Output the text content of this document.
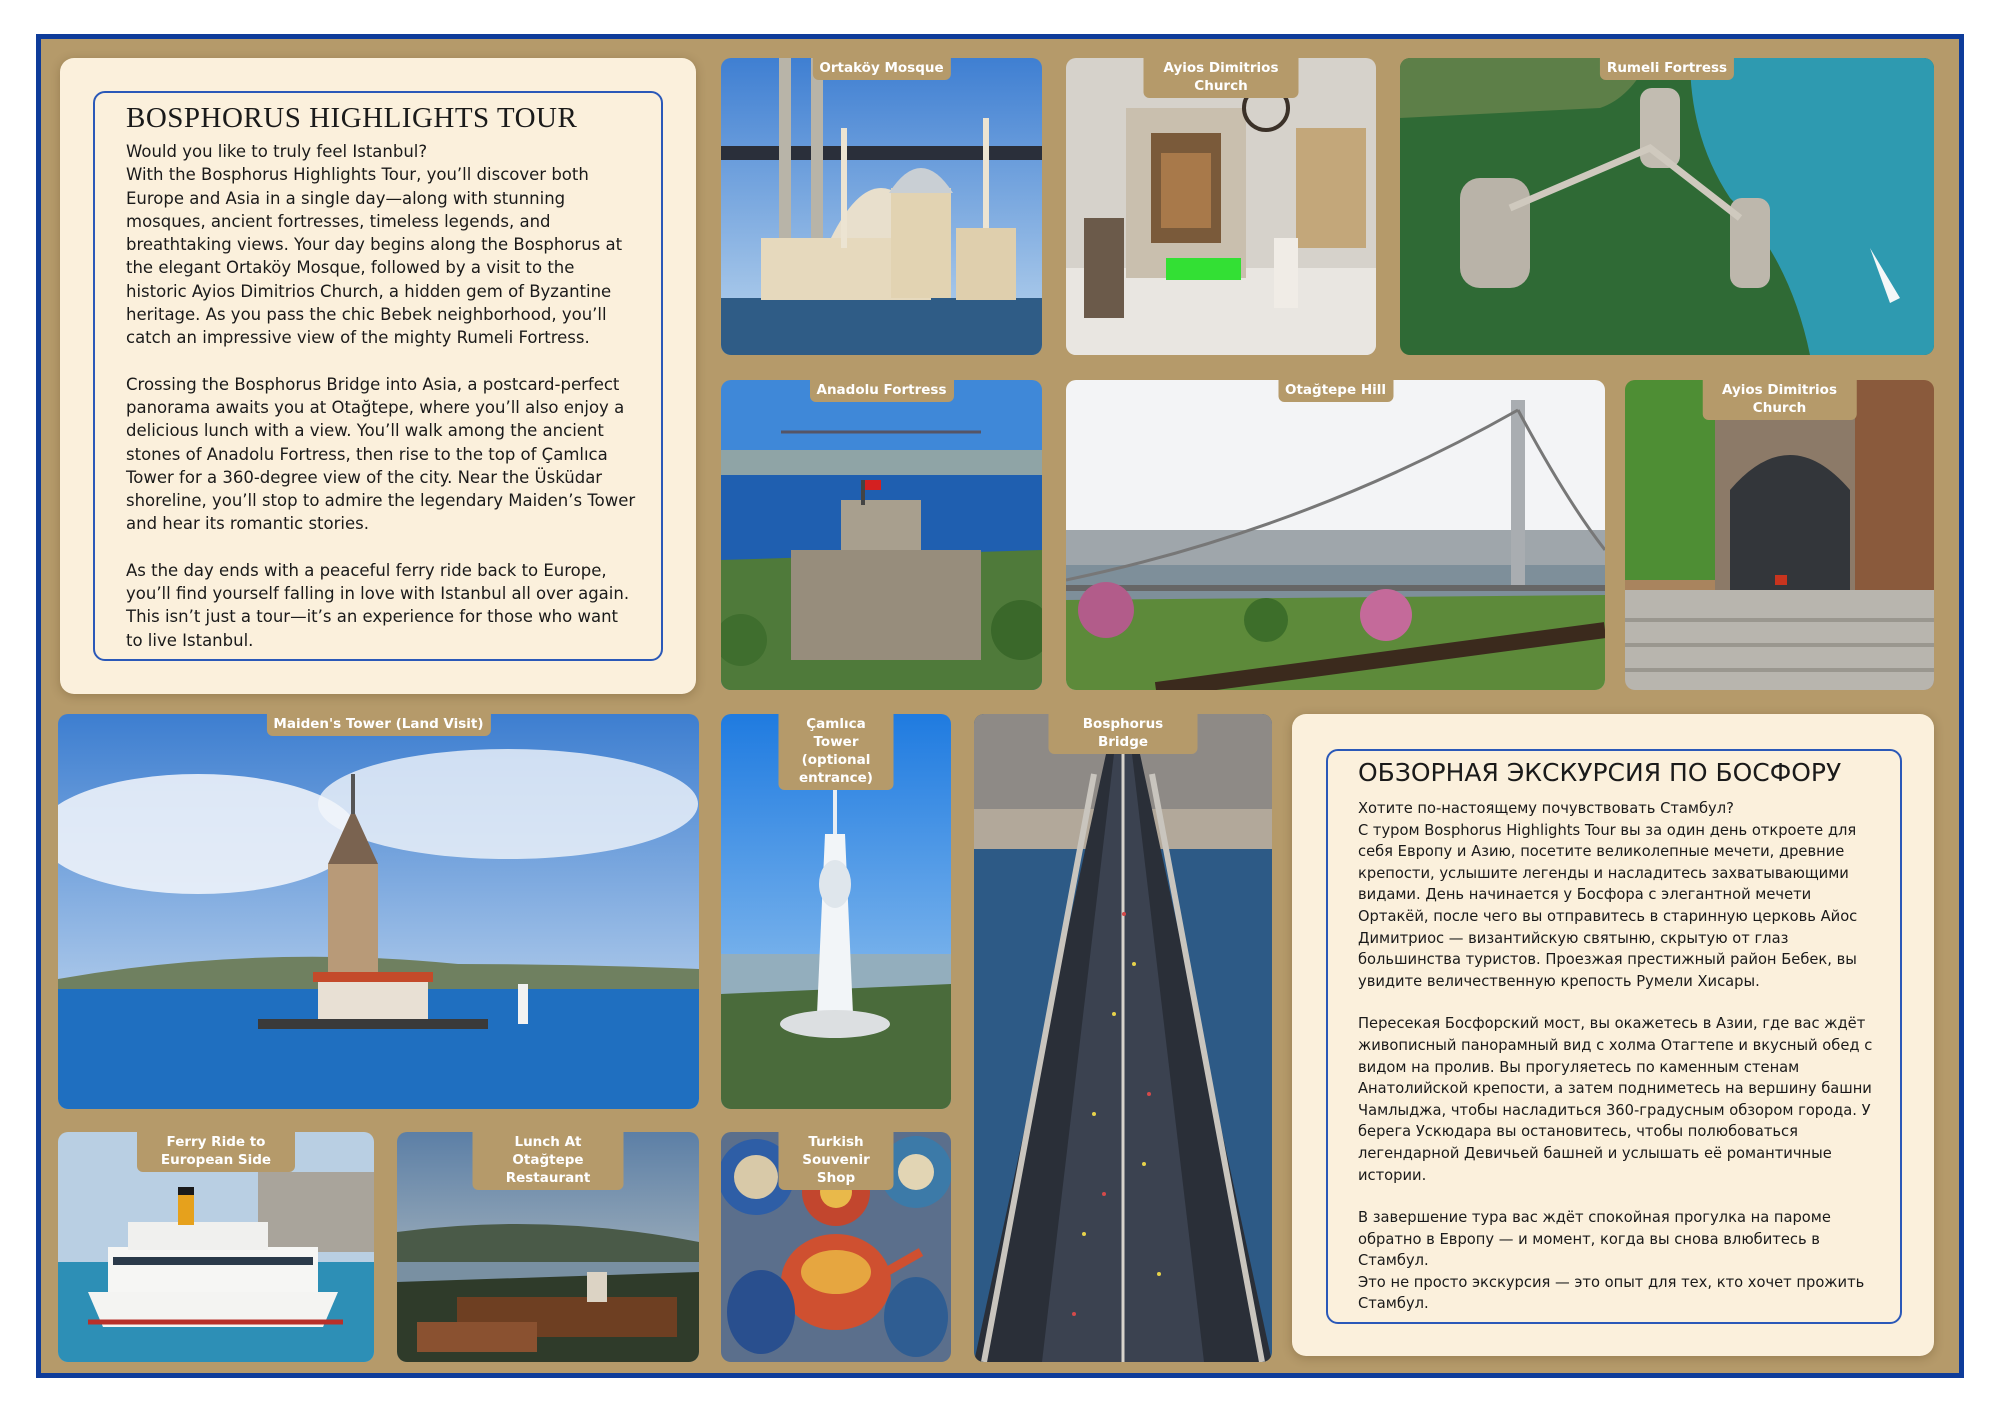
BOSPHORUS HIGHLIGHTS TOUR

Would you like to truly feel Istanbul?
With the Bosphorus Highlights Tour, you’ll discover both Europe and Asia in a single day—along with stunning mosques, ancient fortresses, timeless legends, and breathtaking views. Your day begins along the Bosphorus at the elegant Ortaköy Mosque, followed by a visit to the historic Ayios Dimitrios Church, a hidden gem of Byzantine heritage. As you pass the chic Bebek neighborhood, you’ll catch an impressive view of the mighty Rumeli Fortress.

Crossing the Bosphorus Bridge into Asia, a postcard-perfect panorama awaits you at Otağtepe, where you’ll also enjoy a delicious lunch with a view. You’ll walk among the ancient stones of Anadolu Fortress, then rise to the top of Çamlıca Tower for a 360-degree view of the city. Near the Üsküdar shoreline, you’ll stop to admire the legendary Maiden’s Tower and hear its romantic stories.

As the day ends with a peaceful ferry ride back to Europe, you’ll find yourself falling in love with Istanbul all over again. This isn’t just a tour—it’s an experience for those who want to live Istanbul.

ОБЗОРНАЯ ЭКСКУРСИЯ ПО БОСФОРУ

Хотите по-настоящему почувствовать Стамбул?
С туром Bosphorus Highlights Tour вы за один день откроете для себя Европу и Азию, посетите великолепные мечети, древние крепости, услышите легенды и насладитесь захватывающими видами. День начинается у Босфора с элегантной мечети Ортакёй, после чего вы отправитесь в старинную церковь Айос Димитриос — византийскую святыню, скрытую от глаз большинства туристов. Проезжая престижный район Бебек, вы увидите величественную крепость Румели Хисары.

Пересекая Босфорский мост, вы окажетесь в Азии, где вас ждёт живописный панорамный вид с холма Отагтепе и вкусный обед с видом на пролив. Вы прогуляетесь по каменным стенам Анатолийской крепости, а затем подниметесь на вершину башни Чамлыджа, чтобы насладиться 360-градусным обзором города. У берега Ускюдара вы остановитесь, чтобы полюбоваться легендарной Девичьей башней и услышать её романтичные истории.

В завершение тура вас ждёт спокойная прогулка на пароме обратно в Европу — и момент, когда вы снова влюбитесь в Стамбул.
Это не просто экскурсия — это опыт для тех, кто хочет прожить Стамбул.

Ortaköy Mosque	Ayios Dimitrios Church
Rumeli Fortress
Anadolu Fortress	Otağtepe Hill	Ayios Dimitrios Church
Maiden's Tower (Land Visit)	Çamlıca Tower
(optional entrance)
Bosphorus Bridge
Ferry Ride to European Side
Lunch At
Otağtepe Restaurant
Turkish Souvenir Shop
